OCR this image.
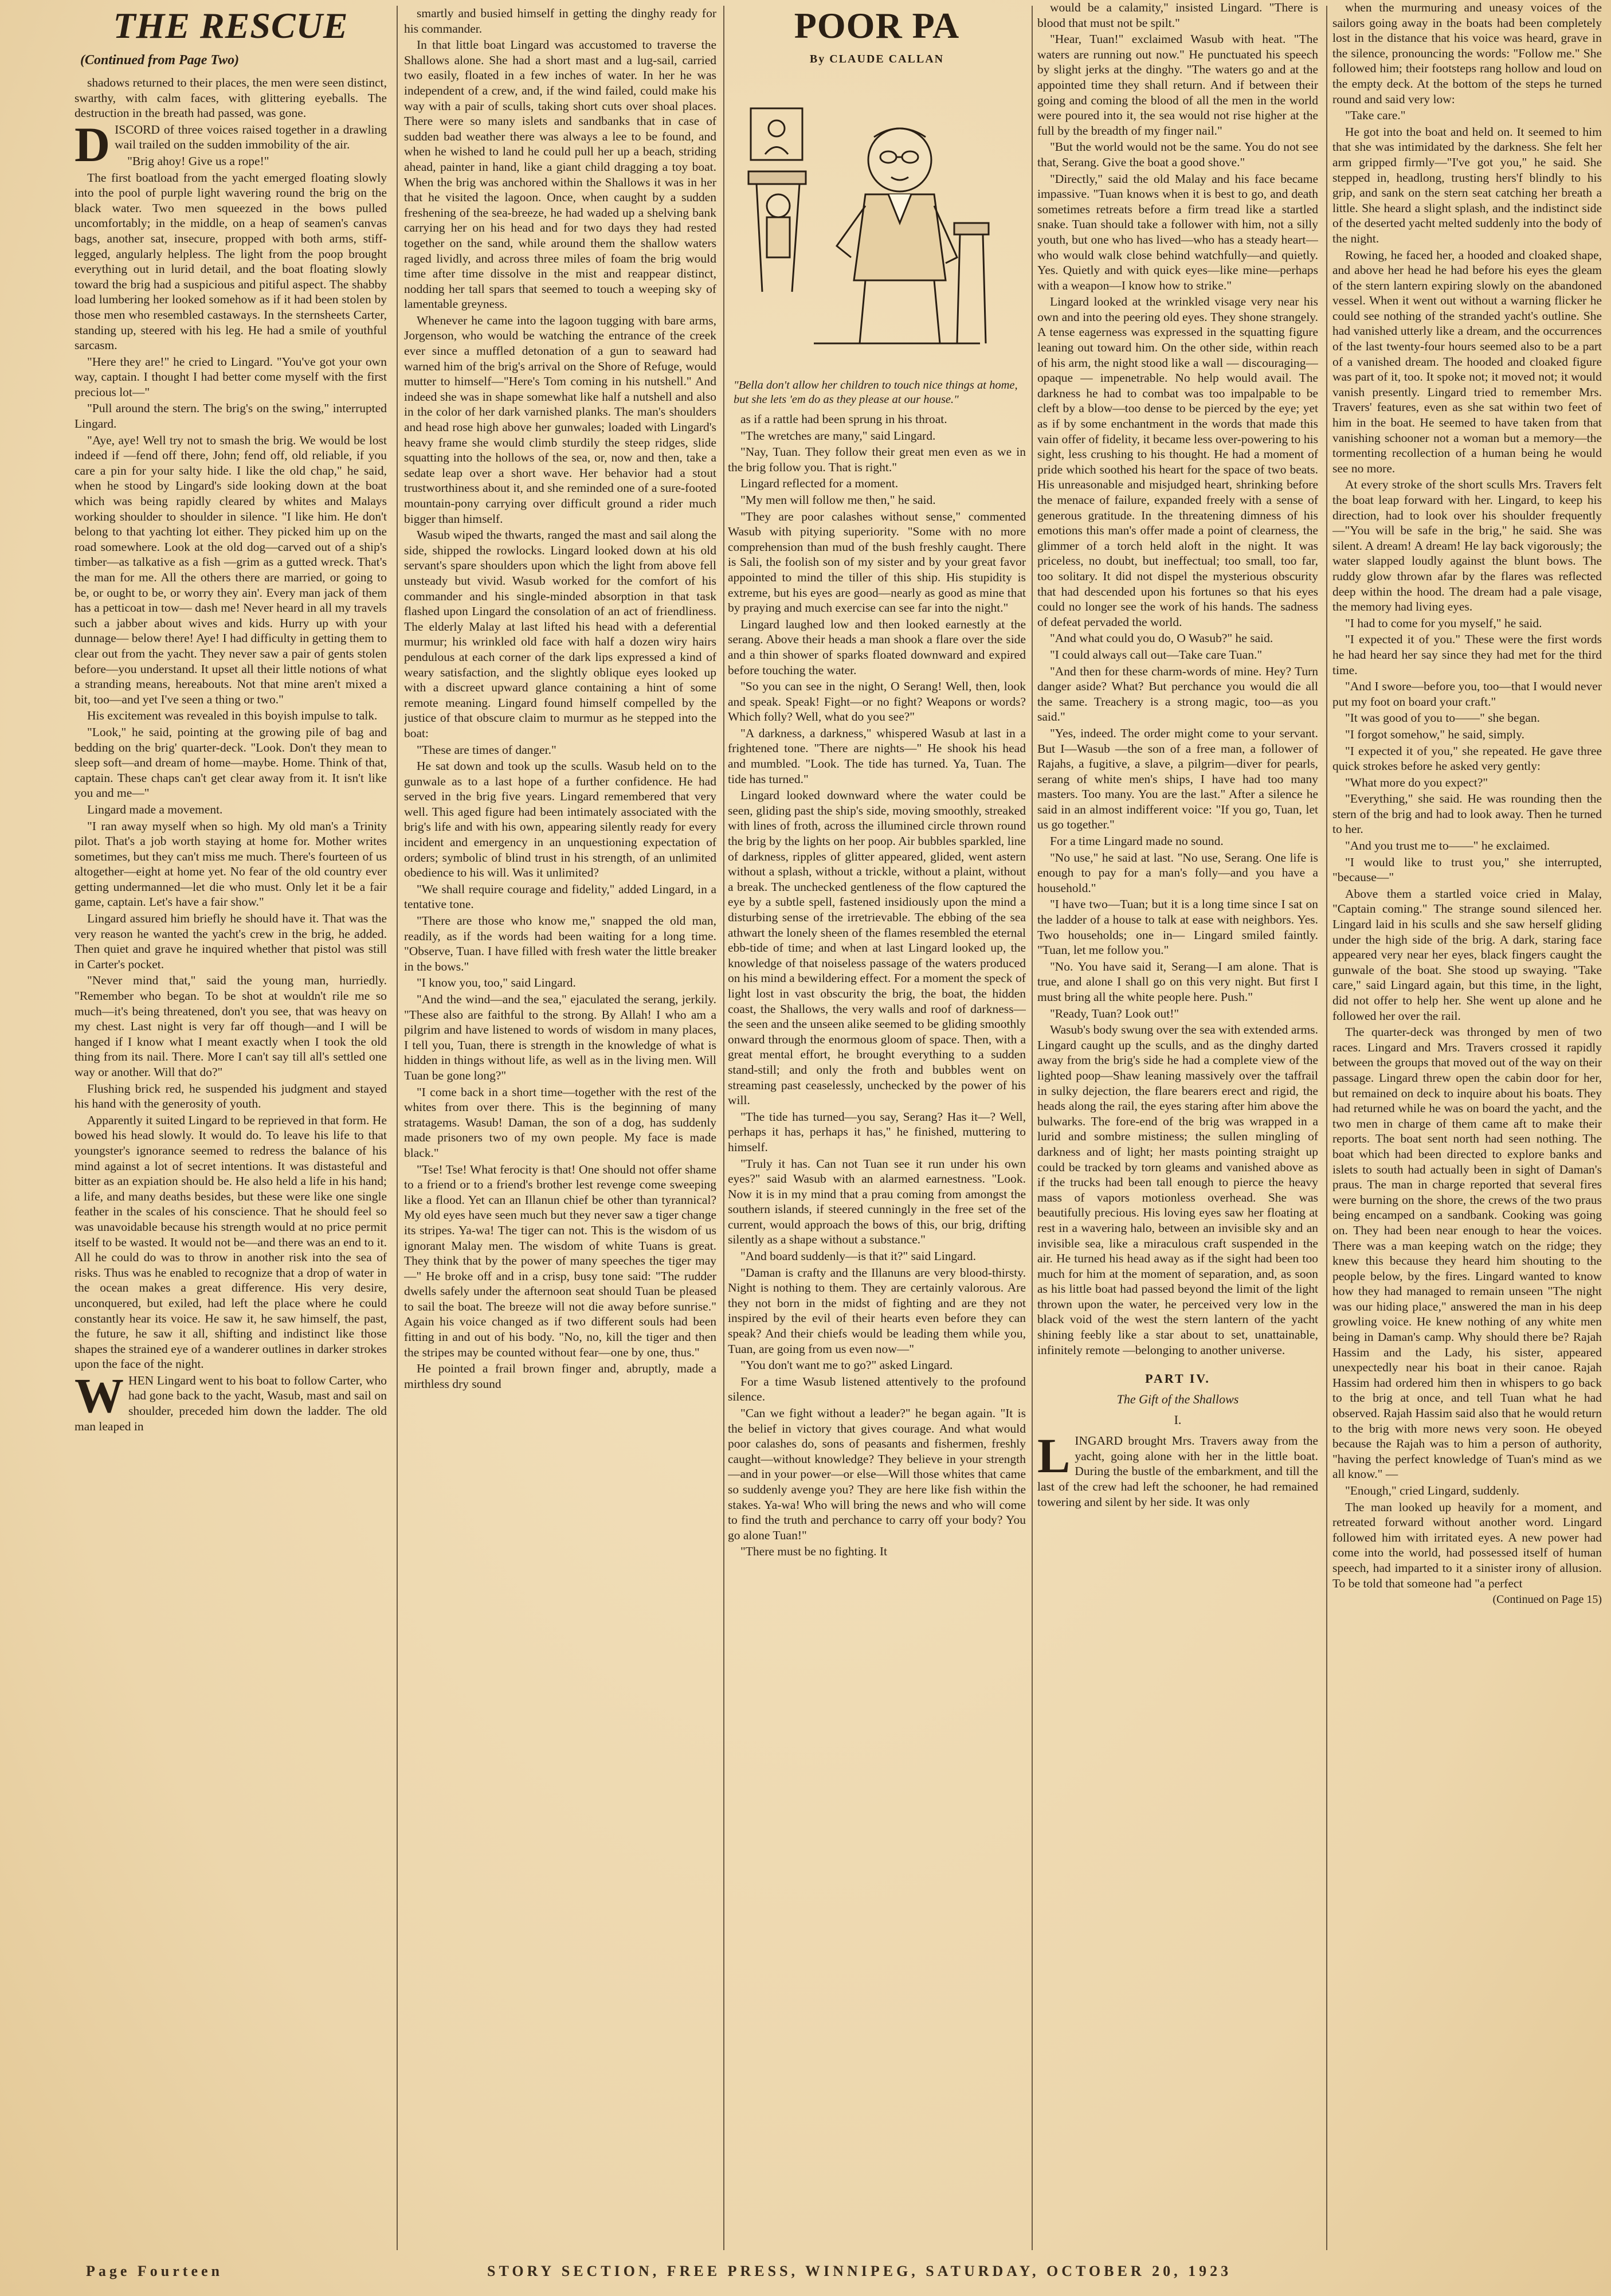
THE RESCUE
(Continued from Page Two)

shadows returned to their places, the men were seen distinct, swarthy, with calm faces, with glittering eyeballs. The destruction in the breath had passed, was gone.

DISCORD of three voices raised together in a drawling wail trailed on the sudden immobility of the air.

"Brig ahoy! Give us a rope!"

The first boatload from the yacht emerged floating slowly into the pool of purple light wavering round the brig on the black water. Two men squeezed in the bows pulled uncomfortably; in the middle, on a heap of seamen's canvas bags, another sat, insecure, propped with both arms, stiff-legged, angularly helpless. The light from the poop brought everything out in lurid detail, and the boat floating slowly toward the brig had a suspicious and pitiful aspect. The shabby load lumbering her looked somehow as if it had been stolen by those men who resembled castaways. In the sternsheets Carter, standing up, steered with his leg. He had a smile of youthful sarcasm.

"Here they are!" he cried to Lingard. "You've got your own way, captain. I thought I had better come myself with the first precious lot—"

"Pull around the stern. The brig's on the swing," interrupted Lingard.

"Aye, aye! Well try not to smash the brig. We would be lost indeed if —fend off there, John; fend off, old reliable, if you care a pin for your salty hide. I like the old chap," he said, when he stood by Lingard's side looking down at the boat which was being rapidly cleared by whites and Malays working shoulder to shoulder in silence. "I like him. He don't belong to that yachting lot either. They picked him up on the road somewhere. Look at the old dog—carved out of a ship's timber—as talkative as a fish —grim as a gutted wreck. That's the man for me. All the others there are married, or going to be, or ought to be, or worry they ain'. Every man jack of them has a petticoat in tow— dash me! Never heard in all my travels such a jabber about wives and kids. Hurry up with your dunnage— below there! Aye! I had difficulty in getting them to clear out from the yacht. They never saw a pair of gents stolen before—you understand. It upset all their little notions of what a stranding means, hereabouts. Not that mine aren't mixed a bit, too—and yet I've seen a thing or two."

His excitement was revealed in this boyish impulse to talk.

"Look," he said, pointing at the growing pile of bag and bedding on the brig' quarter-deck. "Look. Don't they mean to sleep soft—and dream of home—maybe. Home. Think of that, captain. These chaps can't get clear away from it. It isn't like you and me—"

Lingard made a movement.

"I ran away myself when so high. My old man's a Trinity pilot. That's a job worth staying at home for. Mother writes sometimes, but they can't miss me much. There's fourteen of us altogether—eight at home yet. No fear of the old country ever getting undermanned—let die who must. Only let it be a fair game, captain. Let's have a fair show."

Lingard assured him briefly he should have it. That was the very reason he wanted the yacht's crew in the brig, he added. Then quiet and grave he inquired whether that pistol was still in Carter's pocket.

"Never mind that," said the young man, hurriedly. "Remember who began. To be shot at wouldn't rile me so much—it's being threatened, don't you see, that was heavy on my chest. Last night is very far off though—and I will be hanged if I know what I meant exactly when I took the old thing from its nail. There. More I can't say till all's settled one way or another. Will that do?"

Flushing brick red, he suspended his judgment and stayed his hand with the generosity of youth.

Apparently it suited Lingard to be reprieved in that form. He bowed his head slowly. It would do. To leave his life to that youngster's ignorance seemed to redress the balance of his mind against a lot of secret intentions. It was distasteful and bitter as an expiation should be. He also held a life in his hand; a life, and many deaths besides, but these were like one single feather in the scales of his conscience. That he should feel so was unavoidable because his strength would at no price permit itself to be wasted. It would not be—and there was an end to it. All he could do was to throw in another risk into the sea of risks. Thus was he enabled to recognize that a drop of water in the ocean makes a great difference. His very desire, unconquered, but exiled, had left the place where he could constantly hear its voice. He saw it, he saw himself, the past, the future, he saw it all, shifting and indistinct like those shapes the strained eye of a wanderer outlines in darker strokes upon the face of the night.

WHEN Lingard went to his boat to follow Carter, who had gone back to the yacht, Wasub, mast and sail on shoulder, preceded him down the ladder. The old man leaped in

smartly and busied himself in getting the dinghy ready for his commander.

In that little boat Lingard was accustomed to traverse the Shallows alone. She had a short mast and a lug-sail, carried two easily, floated in a few inches of water. In her he was independent of a crew, and, if the wind failed, could make his way with a pair of sculls, taking short cuts over shoal places. There were so many islets and sandbanks that in case of sudden bad weather there was always a lee to be found, and when he wished to land he could pull her up a beach, striding ahead, painter in hand, like a giant child dragging a toy boat. When the brig was anchored within the Shallows it was in her that he visited the lagoon. Once, when caught by a sudden freshening of the sea-breeze, he had waded up a shelving bank carrying her on his head and for two days they had rested together on the sand, while around them the shallow waters raged lividly, and across three miles of foam the brig would time after time dissolve in the mist and reappear distinct, nodding her tall spars that seemed to touch a weeping sky of lamentable greyness.

Whenever he came into the lagoon tugging with bare arms, Jorgenson, who would be watching the entrance of the creek ever since a muffled detonation of a gun to seaward had warned him of the brig's arrival on the Shore of Refuge, would mutter to himself—"Here's Tom coming in his nutshell." And indeed she was in shape somewhat like half a nutshell and also in the color of her dark varnished planks. The man's shoulders and head rose high above her gunwales; loaded with Lingard's heavy frame she would climb sturdily the steep ridges, slide squatting into the hollows of the sea, or, now and then, take a sedate leap over a short wave. Her behavior had a stout trustworthiness about it, and she reminded one of a sure-footed mountain-pony carrying over difficult ground a rider much bigger than himself.

Wasub wiped the thwarts, ranged the mast and sail along the side, shipped the rowlocks. Lingard looked down at his old servant's spare shoulders upon which the light from above fell unsteady but vivid. Wasub worked for the comfort of his commander and his single-minded absorption in that task flashed upon Lingard the consolation of an act of friendliness. The elderly Malay at last lifted his head with a deferential murmur; his wrinkled old face with half a dozen wiry hairs pendulous at each corner of the dark lips expressed a kind of weary satisfaction, and the slightly oblique eyes looked up with a discreet upward glance containing a hint of some remote meaning. Lingard found himself compelled by the justice of that obscure claim to murmur as he stepped into the boat:

"These are times of danger."

He sat down and took up the sculls. Wasub held on to the gunwale as to a last hope of a further confidence. He had served in the brig five years. Lingard remembered that very well. This aged figure had been intimately associated with the brig's life and with his own, appearing silently ready for every incident and emergency in an unquestioning expectation of orders; symbolic of blind trust in his strength, of an unlimited obedience to his will. Was it unlimited?

"We shall require courage and fidelity," added Lingard, in a tentative tone.

"There are those who know me," snapped the old man, readily, as if the words had been waiting for a long time. "Observe, Tuan. I have filled with fresh water the little breaker in the bows."

"I know you, too," said Lingard.

"And the wind—and the sea," ejaculated the serang, jerkily. "These also are faithful to the strong. By Allah! I who am a pilgrim and have listened to words of wisdom in many places, I tell you, Tuan, there is strength in the knowledge of what is hidden in things without life, as well as in the living men. Will Tuan be gone long?"

"I come back in a short time—together with the rest of the whites from over there. This is the beginning of many stratagems. Wasub! Daman, the son of a dog, has suddenly made prisoners two of my own people. My face is made black."

"Tse! Tse! What ferocity is that! One should not offer shame to a friend or to a friend's brother lest revenge come sweeping like a flood. Yet can an Illanun chief be other than tyrannical? My old eyes have seen much but they never saw a tiger change its stripes. Ya-wa! The tiger can not. This is the wisdom of us ignorant Malay men. The wisdom of white Tuans is great. They think that by the power of many speeches the tiger may —" He broke off and in a crisp, busy tone said: "The rudder dwells safely under the afternoon seat should Tuan be pleased to sail the boat. The breeze will not die away before sunrise." Again his voice changed as if two different souls had been fitting in and out of his body. "No, no, kill the tiger and then the stripes may be counted without fear—one by one, thus."

He pointed a frail brown finger and, abruptly, made a mirthless dry sound

POOR PA
By CLAUDE CALLAN

"Bella don't allow her children to touch nice things at home, but she lets 'em do as they please at our house."

as if a rattle had been sprung in his throat.

"The wretches are many," said Lingard.

"Nay, Tuan. They follow their great men even as we in the brig follow you. That is right."

Lingard reflected for a moment.

"My men will follow me then," he said.

"They are poor calashes without sense," commented Wasub with pitying superiority. "Some with no more comprehension than mud of the bush freshly caught. There is Sali, the foolish son of my sister and by your great favor appointed to mind the tiller of this ship. His stupidity is extreme, but his eyes are good—nearly as good as mine that by praying and much exercise can see far into the night."

Lingard laughed low and then looked earnestly at the serang. Above their heads a man shook a flare over the side and a thin shower of sparks floated downward and expired before touching the water.

"So you can see in the night, O Serang! Well, then, look and speak. Speak! Fight—or no fight? Weapons or words? Which folly? Well, what do you see?"

"A darkness, a darkness," whispered Wasub at last in a frightened tone. "There are nights—" He shook his head and mumbled. "Look. The tide has turned. Ya, Tuan. The tide has turned."

Lingard looked downward where the water could be seen, gliding past the ship's side, moving smoothly, streaked with lines of froth, across the illumined circle thrown round the brig by the lights on her poop. Air bubbles sparkled, line of darkness, ripples of glitter appeared, glided, went astern without a splash, without a trickle, without a plaint, without a break. The unchecked gentleness of the flow captured the eye by a subtle spell, fastened insidiously upon the mind a disturbing sense of the irretrievable. The ebbing of the sea athwart the lonely sheen of the flames resembled the eternal ebb-tide of time; and when at last Lingard looked up, the knowledge of that noiseless passage of the waters produced on his mind a bewildering effect. For a moment the speck of light lost in vast obscurity the brig, the boat, the hidden coast, the Shallows, the very walls and roof of darkness—the seen and the unseen alike seemed to be gliding smoothly onward through the enormous gloom of space. Then, with a great mental effort, he brought everything to a sudden stand-still; and only the froth and bubbles went on streaming past ceaselessly, unchecked by the power of his will.

"The tide has turned—you say, Serang? Has it—? Well, perhaps it has, perhaps it has," he finished, muttering to himself.

"Truly it has. Can not Tuan see it run under his own eyes?" said Wasub with an alarmed earnestness. "Look. Now it is in my mind that a prau coming from amongst the southern islands, if steered cunningly in the free set of the current, would approach the bows of this, our brig, drifting silently as a shape without a substance."

"And board suddenly—is that it?" said Lingard.

"Daman is crafty and the Illanuns are very blood-thirsty. Night is nothing to them. They are certainly valorous. Are they not born in the midst of fighting and are they not inspired by the evil of their hearts even before they can speak? And their chiefs would be leading them while you, Tuan, are going from us even now—"

"You don't want me to go?" asked Lingard.

For a time Wasub listened attentively to the profound silence.

"Can we fight without a leader?" he began again. "It is the belief in victory that gives courage. And what would poor calashes do, sons of peasants and fishermen, freshly caught—without knowledge? They believe in your strength—and in your power—or else—Will those whites that came so suddenly avenge you? They are here like fish within the stakes. Ya-wa! Who will bring the news and who will come to find the truth and perchance to carry off your body? You go alone Tuan!"

"There must be no fighting. It

would be a calamity," insisted Lingard. "There is blood that must not be spilt."

"Hear, Tuan!" exclaimed Wasub with heat. "The waters are running out now." He punctuated his speech by slight jerks at the dinghy. "The waters go and at the appointed time they shall return. And if between their going and coming the blood of all the men in the world were poured into it, the sea would not rise higher at the full by the breadth of my finger nail."

"But the world would not be the same. You do not see that, Serang. Give the boat a good shove."

"Directly," said the old Malay and his face became impassive. "Tuan knows when it is best to go, and death sometimes retreats before a firm tread like a startled snake. Tuan should take a follower with him, not a silly youth, but one who has lived—who has a steady heart—who would walk close behind watchfully—and quietly. Yes. Quietly and with quick eyes—like mine—perhaps with a weapon—I know how to strike."

Lingard looked at the wrinkled visage very near his own and into the peering old eyes. They shone strangely. A tense eagerness was expressed in the squatting figure leaning out toward him. On the other side, within reach of his arm, the night stood like a wall — discouraging—opaque — impenetrable. No help would avail. The darkness he had to combat was too impalpable to be cleft by a blow—too dense to be pierced by the eye; yet as if by some enchantment in the words that made this vain offer of fidelity, it became less over-powering to his sight, less crushing to his thought. He had a moment of pride which soothed his heart for the space of two beats. His unreasonable and misjudged heart, shrinking before the menace of failure, expanded freely with a sense of generous gratitude. In the threatening dimness of his emotions this man's offer made a point of clearness, the glimmer of a torch held aloft in the night. It was priceless, no doubt, but ineffectual; too small, too far, too solitary. It did not dispel the mysterious obscurity that had descended upon his fortunes so that his eyes could no longer see the work of his hands. The sadness of defeat pervaded the world.

"And what could you do, O Wasub?" he said.

"I could always call out—Take care Tuan."

"And then for these charm-words of mine. Hey? Turn danger aside? What? But perchance you would die all the same. Treachery is a strong magic, too—as you said."

"Yes, indeed. The order might come to your servant. But I—Wasub —the son of a free man, a follower of Rajahs, a fugitive, a slave, a pilgrim—diver for pearls, serang of white men's ships, I have had too many masters. Too many. You are the last." After a silence he said in an almost indifferent voice: "If you go, Tuan, let us go together."

For a time Lingard made no sound.

"No use," he said at last. "No use, Serang. One life is enough to pay for a man's folly—and you have a household."

"I have two—Tuan; but it is a long time since I sat on the ladder of a house to talk at ease with neighbors. Yes. Two households; one in— Lingard smiled faintly. "Tuan, let me follow you."

"No. You have said it, Serang—I am alone. That is true, and alone I shall go on this very night. But first I must bring all the white people here. Push."

"Ready, Tuan? Look out!"

Wasub's body swung over the sea with extended arms. Lingard caught up the sculls, and as the dinghy darted away from the brig's side he had a complete view of the lighted poop—Shaw leaning massively over the taffrail in sulky dejection, the flare bearers erect and rigid, the heads along the rail, the eyes staring after him above the bulwarks. The fore-end of the brig was wrapped in a lurid and sombre mistiness; the sullen mingling of darkness and of light; her masts pointing straight up could be tracked by torn gleams and vanished above as if the trucks had been tall enough to pierce the heavy mass of vapors motionless overhead. She was beautifully precious. His loving eyes saw her floating at rest in a wavering halo, between an invisible sky and an invisible sea, like a miraculous craft suspended in the air. He turned his head away as if the sight had been too much for him at the moment of separation, and, as soon as his little boat had passed beyond the limit of the light thrown upon the water, he perceived very low in the black void of the west the stern lantern of the yacht shining feebly like a star about to set, unattainable, infinitely remote —belonging to another universe.

PART IV.
The Gift of the Shallows
I.

LINGARD brought Mrs. Travers away from the yacht, going alone with her in the little boat. During the bustle of the embarkment, and till the last of the crew had left the schooner, he had remained towering and silent by her side. It was only

when the murmuring and uneasy voices of the sailors going away in the boats had been completely lost in the distance that his voice was heard, grave in the silence, pronouncing the words: "Follow me." She followed him; their footsteps rang hollow and loud on the empty deck. At the bottom of the steps he turned round and said very low:

"Take care."

He got into the boat and held on. It seemed to him that she was intimidated by the darkness. She felt her arm gripped firmly—"I've got you," he said. She stepped in, headlong, trusting hers'f blindly to his grip, and sank on the stern seat catching her breath a little. She heard a slight splash, and the indistinct side of the deserted yacht melted suddenly into the body of the night.

Rowing, he faced her, a hooded and cloaked shape, and above her head he had before his eyes the gleam of the stern lantern expiring slowly on the abandoned vessel. When it went out without a warning flicker he could see nothing of the stranded yacht's outline. She had vanished utterly like a dream, and the occurrences of the last twenty-four hours seemed also to be a part of a vanished dream. The hooded and cloaked figure was part of it, too. It spoke not; it moved not; it would vanish presently. Lingard tried to remember Mrs. Travers' features, even as she sat within two feet of him in the boat. He seemed to have taken from that vanishing schooner not a woman but a memory—the tormenting recollection of a human being he would see no more.

At every stroke of the short sculls Mrs. Travers felt the boat leap forward with her. Lingard, to keep his direction, had to look over his shoulder frequently—"You will be safe in the brig," he said. She was silent. A dream! A dream! He lay back vigorously; the water slapped loudly against the blunt bows. The ruddy glow thrown afar by the flares was reflected deep within the hood. The dream had a pale visage, the memory had living eyes.

"I had to come for you myself," he said.

"I expected it of you." These were the first words he had heard her say since they had met for the third time.

"And I swore—before you, too—that I would never put my foot on board your craft."

"It was good of you to——" she began.

"I forgot somehow," he said, simply.

"I expected it of you," she repeated. He gave three quick strokes before he asked very gently:

"What more do you expect?"

"Everything," she said. He was rounding then the stern of the brig and had to look away. Then he turned to her.

"And you trust me to——" he exclaimed.

"I would like to trust you," she interrupted, "because—"

Above them a startled voice cried in Malay, "Captain coming." The strange sound silenced her. Lingard laid in his sculls and she saw herself gliding under the high side of the brig. A dark, staring face appeared very near her eyes, black fingers caught the gunwale of the boat. She stood up swaying. "Take care," said Lingard again, but this time, in the light, did not offer to help her. She went up alone and he followed her over the rail.

The quarter-deck was thronged by men of two races. Lingard and Mrs. Travers crossed it rapidly between the groups that moved out of the way on their passage. Lingard threw open the cabin door for her, but remained on deck to inquire about his boats. They had returned while he was on board the yacht, and the two men in charge of them came aft to make their reports. The boat sent north had seen nothing. The boat which had been directed to explore banks and islets to south had actually been in sight of Daman's praus. The man in charge reported that several fires were burning on the shore, the crews of the two praus being encamped on a sandbank. Cooking was going on. They had been near enough to hear the voices. There was a man keeping watch on the ridge; they knew this because they heard him shouting to the people below, by the fires. Lingard wanted to know how they had managed to remain unseen "The night was our hiding place," answered the man in his deep growling voice. He knew nothing of any white men being in Daman's camp. Why should there be? Rajah Hassim and the Lady, his sister, appeared unexpectedly near his boat in their canoe. Rajah Hassim had ordered him then in whispers to go back to the brig at once, and tell Tuan what he had observed. Rajah Hassim said also that he would return to the brig with more news very soon. He obeyed because the Rajah was to him a person of authority, "having the perfect knowledge of Tuan's mind as we all know." —

"Enough," cried Lingard, suddenly.

The man looked up heavily for a moment, and retreated forward without another word. Lingard followed him with irritated eyes. A new power had come into the world, had possessed itself of human speech, had imparted to it a sinister irony of allusion. To be told that someone had "a perfect

(Continued on Page 15)
Page Fourteen	STORY SECTION, FREE PRESS, WINNIPEG, SATURDAY, OCTOBER 20, 1923
